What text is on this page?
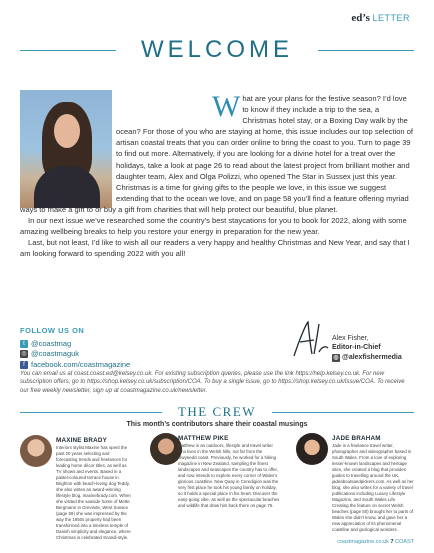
ed’s LETTER
WELCOME
W hat are your plans for the festive season? I’d love to know if they include a trip to the sea, a Christmas hotel stay, or a Boxing Day walk by the ocean? For those of you who are staying at home, this issue includes our top selection of artisan coastal treats that you can order online to bring the coast to you. Turn to page 39 to find out more. Alternatively, if you are looking for a divine hotel for a treat over the holidays, take a look at page 26 to read about the latest project from brilliant mother and daughter team, Alex and Olga Polizzi, who opened The Star in Sussex just this year. Christmas is a time for giving gifts to the people we love, in this issue we suggest extending that to the ocean we love, and on page 58 you’ll find a feature offering myriad ways to make a gift to or buy a gift from charities that will help protect our beautiful, blue planet.

In our next issue we’ve researched some the country’s best staycations for you to book for 2022, along with some amazing wellbeing breaks to help you restore your energy in preparation for the new year.

Last, but not least, I’d like to wish all our readers a very happy and healthy Christmas and New Year, and say that I am looking forward to spending 2022 with you all!

FOLLOW US ON
t @coastmag
◎ @coastmaguk
f facebook.com/coastmagazine
Alex Fisher,
Editor-in-Chief
◎ @alexfishermedia
You can email us at coast.coast.ed@kelsey.co.uk. For existing subscription queries, please use the link https://help.kelsey.co.uk. For new subscription offers, go to https://shop.kelsey.co.uk/subscription/COA. To buy a single issue, go to https://shop.kelsey.co.uk/issue/COA. To receive our free weekly newsletter, sign up at coastmagazine.co.uk/newsletter.
THE CREW
This month’s contributors share their coastal musings
MAXINE BRADY
Interiors stylist Maxine has spent the past 20 years selecting and forecasting trends and freelances for leading home décor titles, as well as TV shows and events. Based in a pastel-coloured terrace house in Brighton with beach-loving dog Teddy, she also writes an award-winning lifestyle blog, maxinebrady.com. When she visited the seaside home of Mette Bergmann in Grevinde, West Sussex (page 59) she was impressed by the way the 1950s property had been transformed into a timeless temple of Danish simplicity and elegance, where Christmas is celebrated Scandi-style.
MATTHEW PIKE
Matthew is an outdoors, lifestyle and travel writer who lives in the Welsh hills, not far from the Gwynedd coast. Previously, he worked for a hiking magazine in New Zealand, sampling the finest landscapes and seascapes the country has to offer, and now intends to explore every corner of Wales’s glorious coastline. New Quay in Ceredigion was the very first place he took his young family on holiday, so it holds a special place in his heart. Discover the easy-going vibe, as well as the spectacular beaches and wildlife that draw him back there on page 76.
JADE BRAHAM
Jade is a freelance travel writer, photographer and videographer based in South Wales. From a love of exploring lesser-known landscapes and heritage sites, she created a blog that provides guides to travelling around the UK, jadeaboutsandpickers.com. As well as her blog, she also writes for a variety of travel publications including Luxury Lifestyle Magazine, and South Wales Life. Creating the feature on secret Welsh beaches (page 50) brought her to parts of Wales she didn’t know, and gave her a new appreciation of its phenomenal coastline and geological wonders.
coastmagazine.co.uk 7 COAST
